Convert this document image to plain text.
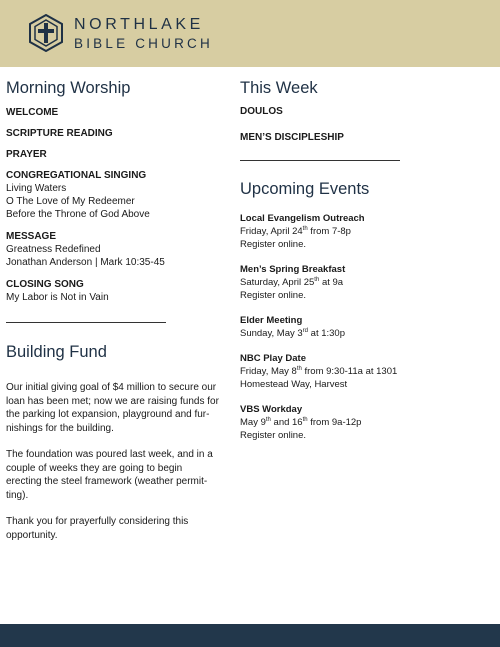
NORTHLAKE
BIBLE CHURCH
Morning Worship

WELCOME

SCRIPTURE READING

PRAYER

CONGREGATIONAL SINGING

Living Waters

O The Love of My Redeemer

Before the Throne of God Above

MESSAGE

Greatness Redefined

Jonathan Anderson | Mark 10:35-45

CLOSING SONG

My Labor is Not in Vain

Building Fund

Our initial giving goal of $4 million to secure our

loan has been met; now we are raising funds for

the parking lot expansion, playground and fur-

nishings for the building.

The foundation was poured last week, and in a

couple of weeks they are going to begin

erecting the steel framework (weather permit-

ting).

Thank you for prayerfully considering this

opportunity.

This Week

DOULOS

MEN’S DISCIPLESHIP

Upcoming Events

Local Evangelism Outreach

Friday, April 24th from 7-8p

Register online.

Men’s Spring Breakfast

Saturday, April 25th at 9a

Register online.

Elder Meeting

Sunday, May 3rd at 1:30p

NBC Play Date

Friday, May 8th from 9:30-11a at 1301

Homestead Way, Harvest

VBS Workday

May 9th and 16th from 9a-12p

Register online.
